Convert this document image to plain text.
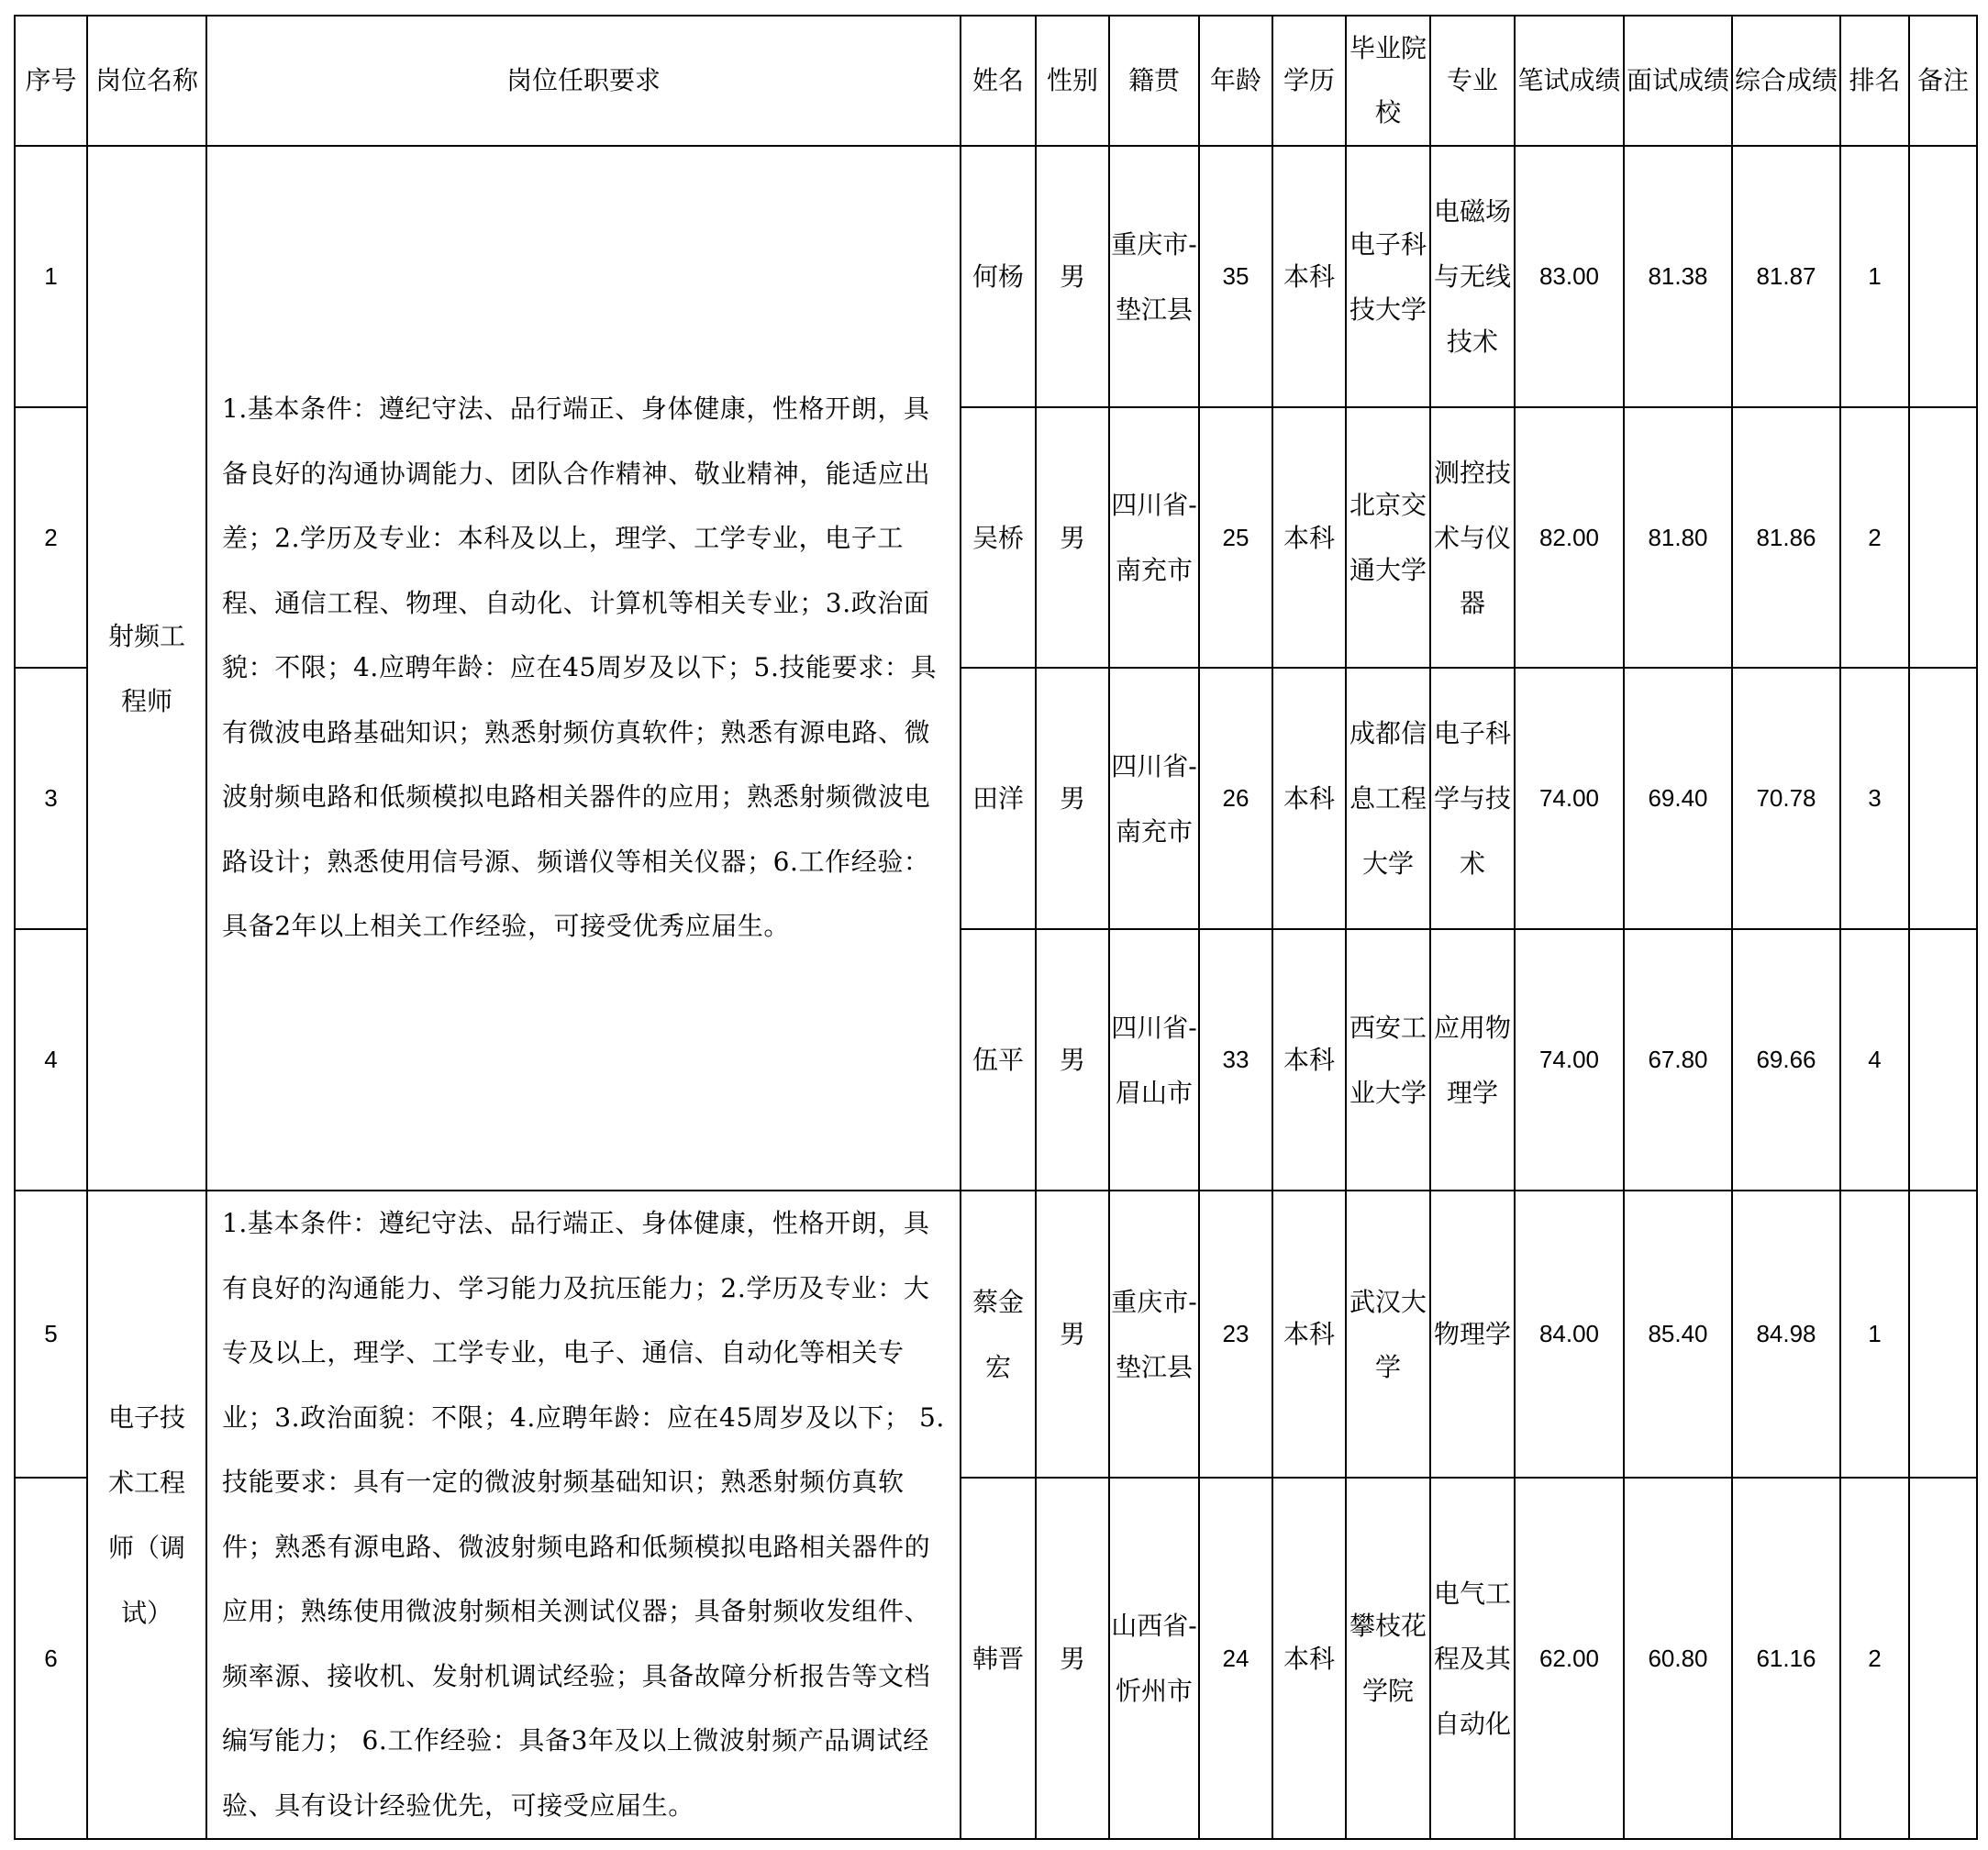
序号	岗位名称	岗位任职要求	姓名	性别	籍贯	年龄	学历	毕业院校	专业	笔试成绩	面试成绩	综合成绩	排名	备注
1	射频工程师	1.基本条件：遵纪守法、品行端正、身体健康，性格开朗，具备良好的沟通协调能力、团队合作精神、敬业精神，能适应出差；2.学历及专业：本科及以上，理学、工学专业，电子工程、通信工程、物理、自动化、计算机等相关专业；3.政治面貌：不限；4.应聘年龄：应在45周岁及以下；5.技能要求：具有微波电路基础知识；熟悉射频仿真软件；熟悉有源电路、微波射频电路和低频模拟电路相关器件的应用；熟悉射频微波电路设计；熟悉使用信号源、频谱仪等相关仪器；6.工作经验：具备2年以上相关工作经验，可接受优秀应届生。	何杨	男	重庆市-垫江县	35	本科	电子科技大学	电磁场与无线技术	83.00	81.38	81.87	1	
2			吴桥	男	四川省-南充市	25	本科	北京交通大学	测控技术与仪器	82.00	81.80	81.86	2	
3			田洋	男	四川省-南充市	26	本科	成都信息工程大学	电子科学与技术	74.00	69.40	70.78	3	
4			伍平	男	四川省-眉山市	33	本科	西安工业大学	应用物理学	74.00	67.80	69.66	4	
5	电子技术工程师（调试）	1.基本条件：遵纪守法、品行端正、身体健康，性格开朗，具有良好的沟通能力、学习能力及抗压能力；2.学历及专业：大专及以上，理学、工学专业，电子、通信、自动化等相关专业；3.政治面貌：不限；4.应聘年龄：应在45周岁及以下； 5.技能要求：具有一定的微波射频基础知识；熟悉射频仿真软件；熟悉有源电路、微波射频电路和低频模拟电路相关器件的应用；熟练使用微波射频相关测试仪器；具备射频收发组件、频率源、接收机、发射机调试经验；具备故障分析报告等文档编写能力； 6.工作经验：具备3年及以上微波射频产品调试经验、具有设计经验优先，可接受应届生。	蔡金宏	男	重庆市-垫江县	23	本科	武汉大学	物理学	84.00	85.40	84.98	1	
6			韩晋	男	山西省-忻州市	24	本科	攀枝花学院	电气工程及其自动化	62.00	60.80	61.16	2	
